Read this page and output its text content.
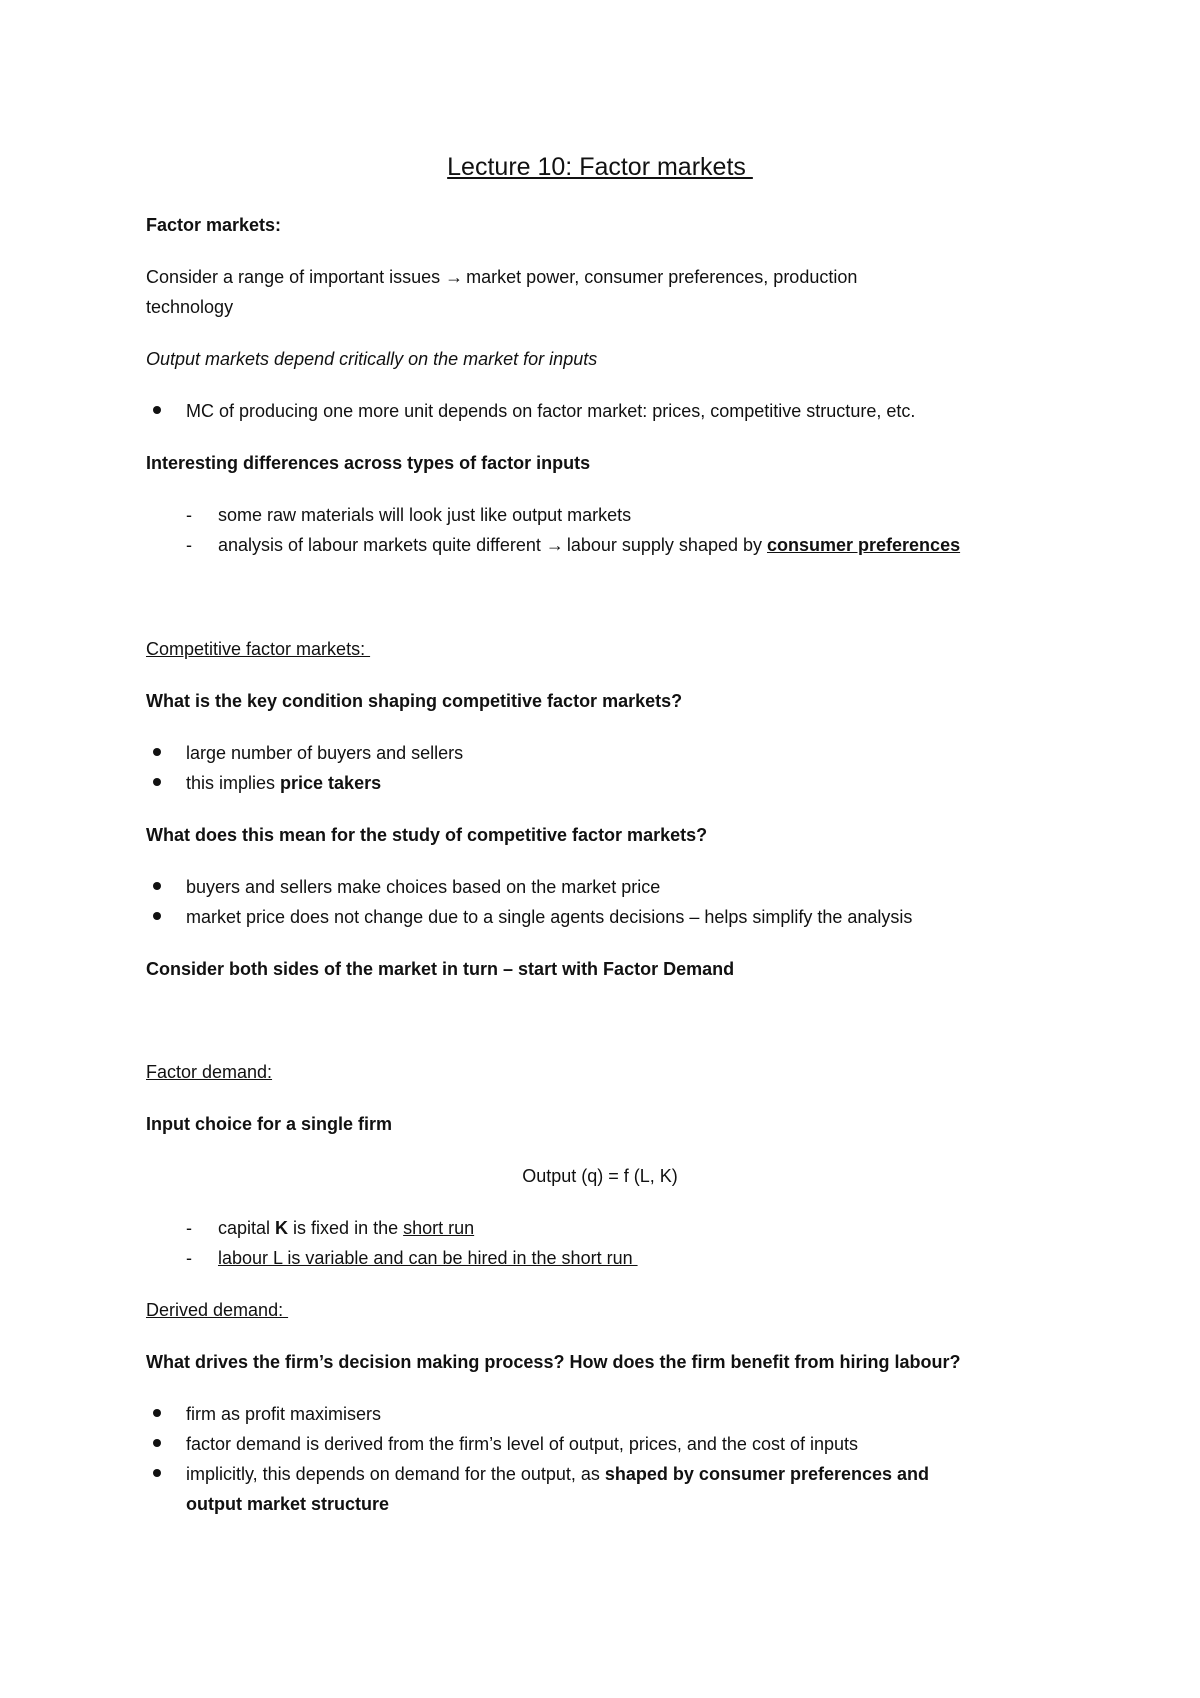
Lecture 10: Factor markets
Factor markets:
Consider a range of important issues → market power, consumer preferences, production
technology
Output markets depend critically on the market for inputs
MC of producing one more unit depends on factor market: prices, competitive structure, etc.
Interesting differences across types of factor inputs
- some raw materials will look just like output markets
- analysis of labour markets quite different → labour supply shaped by consumer preferences
Competitive factor markets:
What is the key condition shaping competitive factor markets?
large number of buyers and sellers
this implies price takers
What does this mean for the study of competitive factor markets?
buyers and sellers make choices based on the market price
market price does not change due to a single agents decisions – helps simplify the analysis
Consider both sides of the market in turn – start with Factor Demand
Factor demand:
Input choice for a single firm
Output (q) = f (L, K)
- capital K is fixed in the short run
- labour L is variable and can be hired in the short run
Derived demand:
What drives the firm’s decision making process? How does the firm benefit from hiring labour?
firm as profit maximisers
factor demand is derived from the firm’s level of output, prices, and the cost of inputs
implicitly, this depends on demand for the output, as shaped by consumer preferences and
output market structure
